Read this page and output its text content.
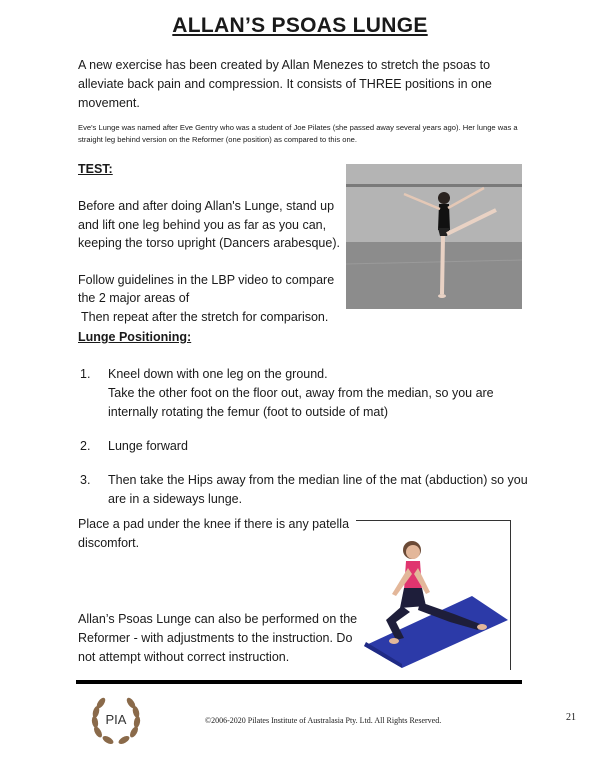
ALLAN’S PSOAS LUNGE
A new exercise has been created by Allan Menezes to stretch the psoas to alleviate back pain and compression. It consists of THREE positions in one movement.
Eve's Lunge was named after Eve Gentry who was a student of Joe Pilates (she passed away several years ago). Her lunge was a straight leg behind version on the Reformer (one position) as compared to this one.
TEST:

Before and after doing Allan's Lunge, stand up and lift one leg behind you as far as you can, keeping the torso upright (Dancers arabesque).

Follow guidelines in the LBP video to compare the 2 major areas of

Then repeat after the stretch for comparison.

Lunge Positioning:
1. Kneel down with one leg on the ground.
Take the other foot on the floor out, away from the median, so you are internally rotating the femur (foot to outside of mat)
2. Lunge forward
3. Then take the Hips away from the median line of the mat (abduction) so you are in a sideways lunge.
Place a pad under the knee if there is any patella discomfort.
Allan’s Psoas Lunge can also be performed on the Reformer - with adjustments to the instruction. Do not attempt without correct instruction.
PIA	©2006-2020 Pilates Institute of Australasia Pty. Ltd. All Rights Reserved.	21
